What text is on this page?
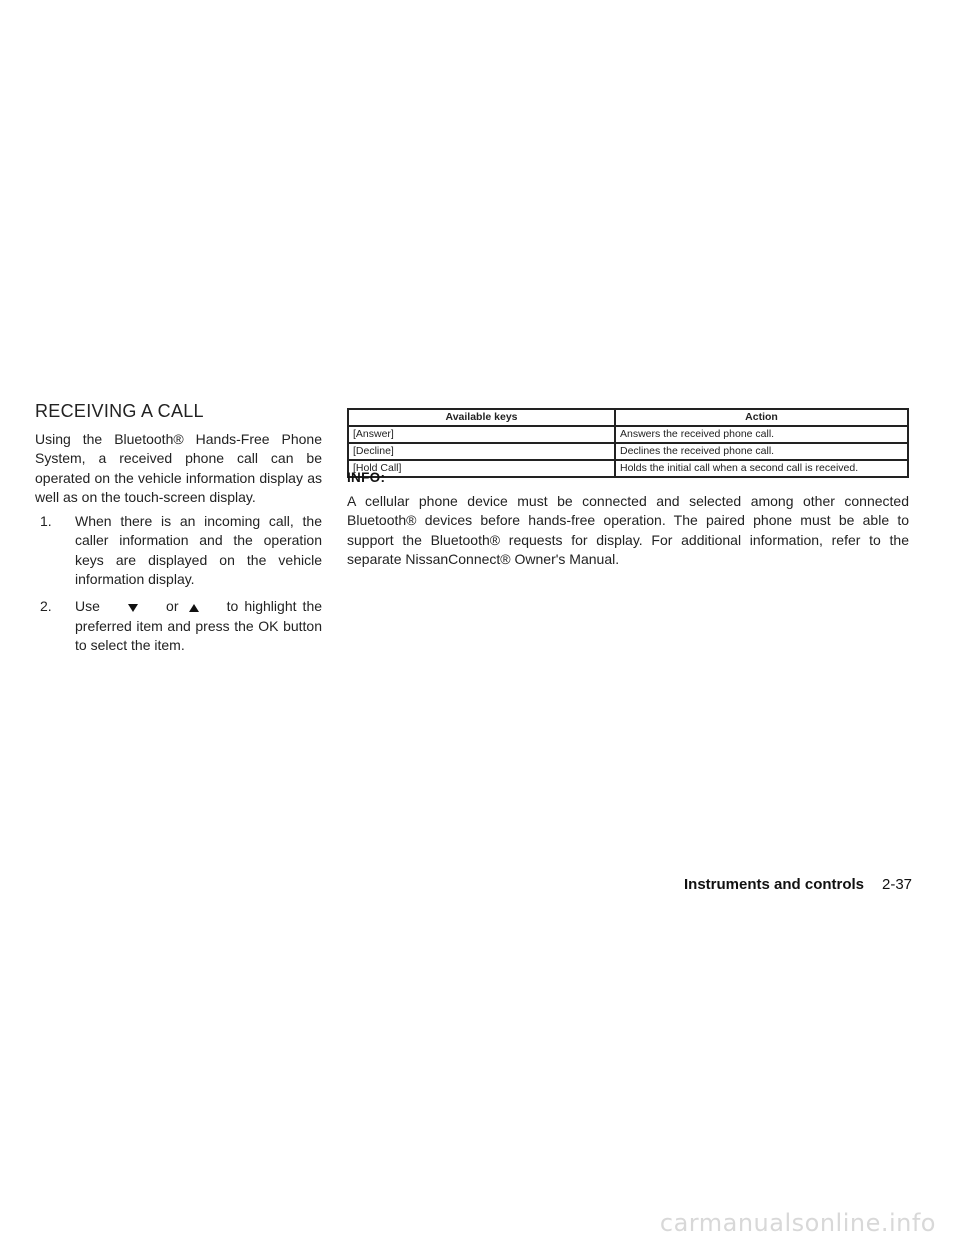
RECEIVING A CALL

Using the Bluetooth® Hands-Free Phone System, a received phone call can be operated on the vehicle information display as well as on the touch-screen display.

1. When there is an incoming call, the caller information and the operation keys are displayed on the vehicle information display.
2. Use	or	to highlight the preferred item and press the OK button to select the item.
Available keys	Action
[Answer]	Answers the received phone call.
[Decline]	Declines the received phone call.
[Hold Call]	Holds the initial call when a second call is received.
INFO:

A cellular phone device must be connected and selected among other connected Bluetooth® devices before hands-free operation. The paired phone must be able to support the Bluetooth® requests for display. For additional information, refer to the separate NissanConnect® Owner's Manual.

Instruments and controls 2-37
carmanualsonline.info
